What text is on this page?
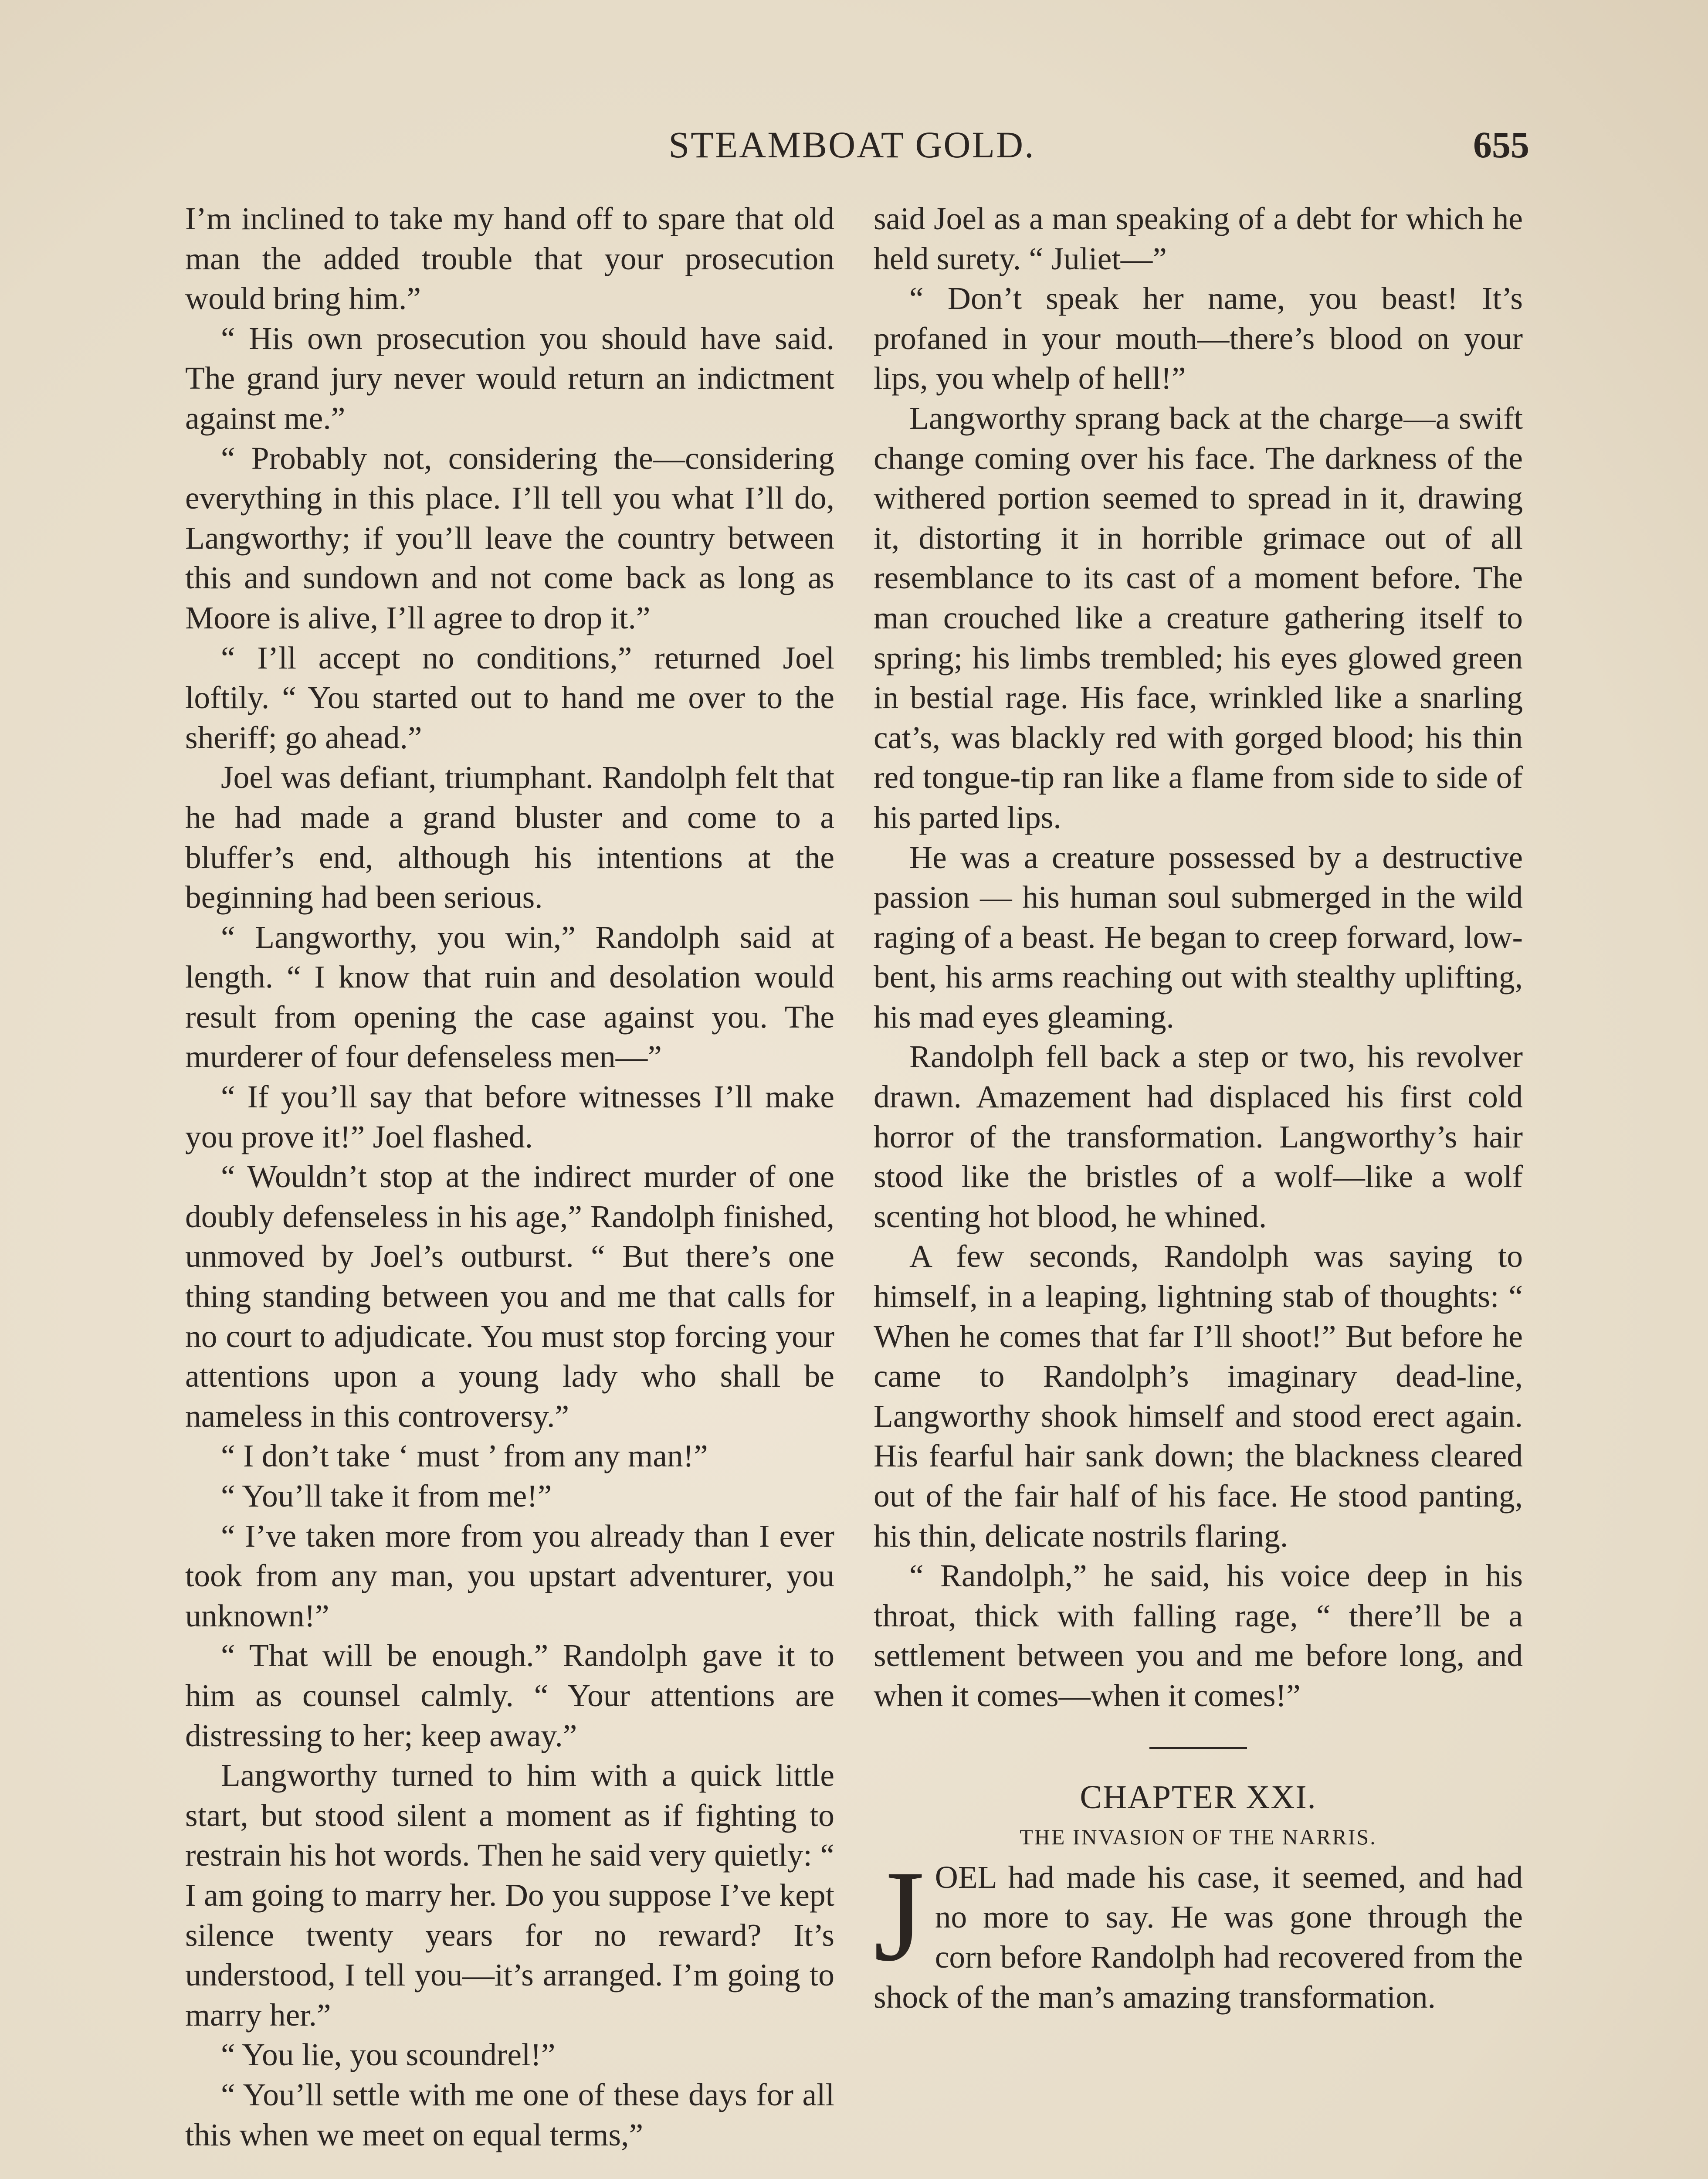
STEAMBOAT GOLD.	655

I’m inclined to take my hand off to spare that old man the added trouble that your prosecution would bring him.”

“ His own prosecution you should have said. The grand jury never would return an indictment against me.”

“ Probably not, considering the—considering everything in this place. I’ll tell you what I’ll do, Langworthy; if you’ll leave the country between this and sundown and not come back as long as Moore is alive, I’ll agree to drop it.”

“ I’ll accept no conditions,” returned Joel loftily. “ You started out to hand me over to the sheriff; go ahead.”

Joel was defiant, triumphant. Randolph felt that he had made a grand bluster and come to a bluffer’s end, although his intentions at the beginning had been serious.

“ Langworthy, you win,” Randolph said at length. “ I know that ruin and desolation would result from opening the case against you. The murderer of four defenseless men—”

“ If you’ll say that before witnesses I’ll make you prove it!” Joel flashed.

“ Wouldn’t stop at the indirect murder of one doubly defenseless in his age,” Randolph finished, unmoved by Joel’s outburst. “ But there’s one thing standing between you and me that calls for no court to adjudicate. You must stop forcing your attentions upon a young lady who shall be nameless in this controversy.”

“ I don’t take ‘ must ’ from any man!”

“ You’ll take it from me!”

“ I’ve taken more from you already than I ever took from any man, you upstart adventurer, you unknown!”

“ That will be enough.” Randolph gave it to him as counsel calmly. “ Your attentions are distressing to her; keep away.”

Langworthy turned to him with a quick little start, but stood silent a moment as if fighting to restrain his hot words. Then he said very quietly: “ I am going to marry her. Do you suppose I’ve kept silence twenty years for no reward? It’s understood, I tell you—it’s arranged. I’m going to marry her.”

“ You lie, you scoundrel!”

“ You’ll settle with me one of these days for all this when we meet on equal terms,”

said Joel as a man speaking of a debt for which he held surety. “ Juliet—”

“ Don’t speak her name, you beast! It’s profaned in your mouth—there’s blood on your lips, you whelp of hell!”

Langworthy sprang back at the charge—a swift change coming over his face. The darkness of the withered portion seemed to spread in it, drawing it, distorting it in horrible grimace out of all resemblance to its cast of a moment before. The man crouched like a creature gathering itself to spring; his limbs trembled; his eyes glowed green in bestial rage. His face, wrinkled like a snarling cat’s, was blackly red with gorged blood; his thin red tongue-tip ran like a flame from side to side of his parted lips.

He was a creature possessed by a destructive passion — his human soul submerged in the wild raging of a beast. He began to creep forward, low-bent, his arms reaching out with stealthy uplifting, his mad eyes gleaming.

Randolph fell back a step or two, his revolver drawn. Amazement had displaced his first cold horror of the transformation. Langworthy’s hair stood like the bristles of a wolf—like a wolf scenting hot blood, he whined.

A few seconds, Randolph was saying to himself, in a leaping, lightning stab of thoughts: “ When he comes that far I’ll shoot!” But before he came to Randolph’s imaginary dead-line, Langworthy shook himself and stood erect again. His fearful hair sank down; the blackness cleared out of the fair half of his face. He stood panting, his thin, delicate nostrils flaring.

“ Randolph,” he said, his voice deep in his throat, thick with falling rage, “ there’ll be a settlement between you and me before long, and when it comes—when it comes!”

CHAPTER XXI.

THE INVASION OF THE NARRIS.

JOEL had made his case, it seemed, and had no more to say. He was gone through the corn before Randolph had recovered from the shock of the man’s amazing transformation.
